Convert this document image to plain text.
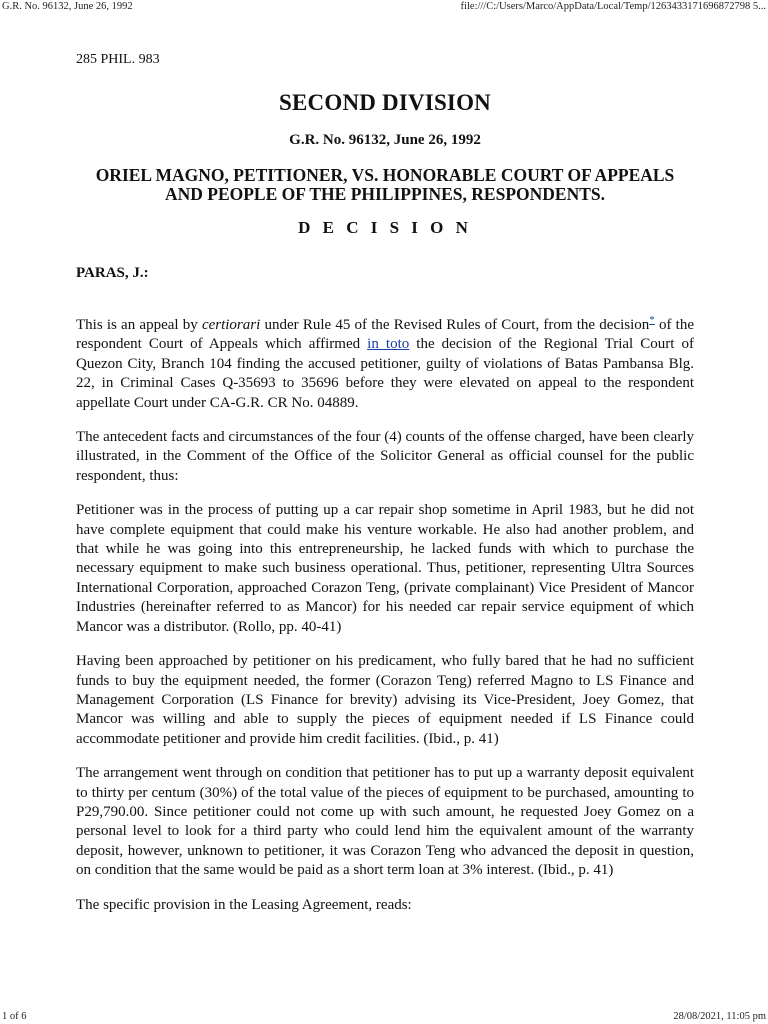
G.R. No. 96132, June 26, 1992	file:///C:/Users/Marco/AppData/Local/Temp/1263433171696872798 5...
285 PHIL. 983
SECOND DIVISION
G.R. No. 96132, June 26, 1992
ORIEL MAGNO, PETITIONER, VS. HONORABLE COURT OF APPEALS AND PEOPLE OF THE PHILIPPINES, RESPONDENTS.
D E C I S I O N
PARAS, J.:

This is an appeal by certiorari under Rule 45 of the Revised Rules of Court, from the decision* of the respondent Court of Appeals which affirmed in toto the decision of the Regional Trial Court of Quezon City, Branch 104 finding the accused petitioner, guilty of violations of Batas Pambansa Blg. 22, in Criminal Cases Q-35693 to 35696 before they were elevated on appeal to the respondent appellate Court under CA-G.R. CR No. 04889.

The antecedent facts and circumstances of the four (4) counts of the offense charged, have been clearly illustrated, in the Comment of the Office of the Solicitor General as official counsel for the public respondent, thus:

Petitioner was in the process of putting up a car repair shop sometime in April 1983, but he did not have complete equipment that could make his venture workable. He also had another problem, and that while he was going into this entrepreneurship, he lacked funds with which to purchase the necessary equipment to make such business operational. Thus, petitioner, representing Ultra Sources International Corporation, approached Corazon Teng, (private complainant) Vice President of Mancor Industries (hereinafter referred to as Mancor) for his needed car repair service equipment of which Mancor was a distributor. (Rollo, pp. 40-41)

Having been approached by petitioner on his predicament, who fully bared that he had no sufficient funds to buy the equipment needed, the former (Corazon Teng) referred Magno to LS Finance and Management Corporation (LS Finance for brevity) advising its Vice-President, Joey Gomez, that Mancor was willing and able to supply the pieces of equipment needed if LS Finance could accommodate petitioner and provide him credit facilities. (Ibid., p. 41)

The arrangement went through on condition that petitioner has to put up a warranty deposit equivalent to thirty per centum (30%) of the total value of the pieces of equipment to be purchased, amounting to P29,790.00. Since petitioner could not come up with such amount, he requested Joey Gomez on a personal level to look for a third party who could lend him the equivalent amount of the warranty deposit, however, unknown to petitioner, it was Corazon Teng who advanced the deposit in question, on condition that the same would be paid as a short term loan at 3% interest. (Ibid., p. 41)

The specific provision in the Leasing Agreement, reads:

1 of 6	28/08/2021, 11:05 pm
